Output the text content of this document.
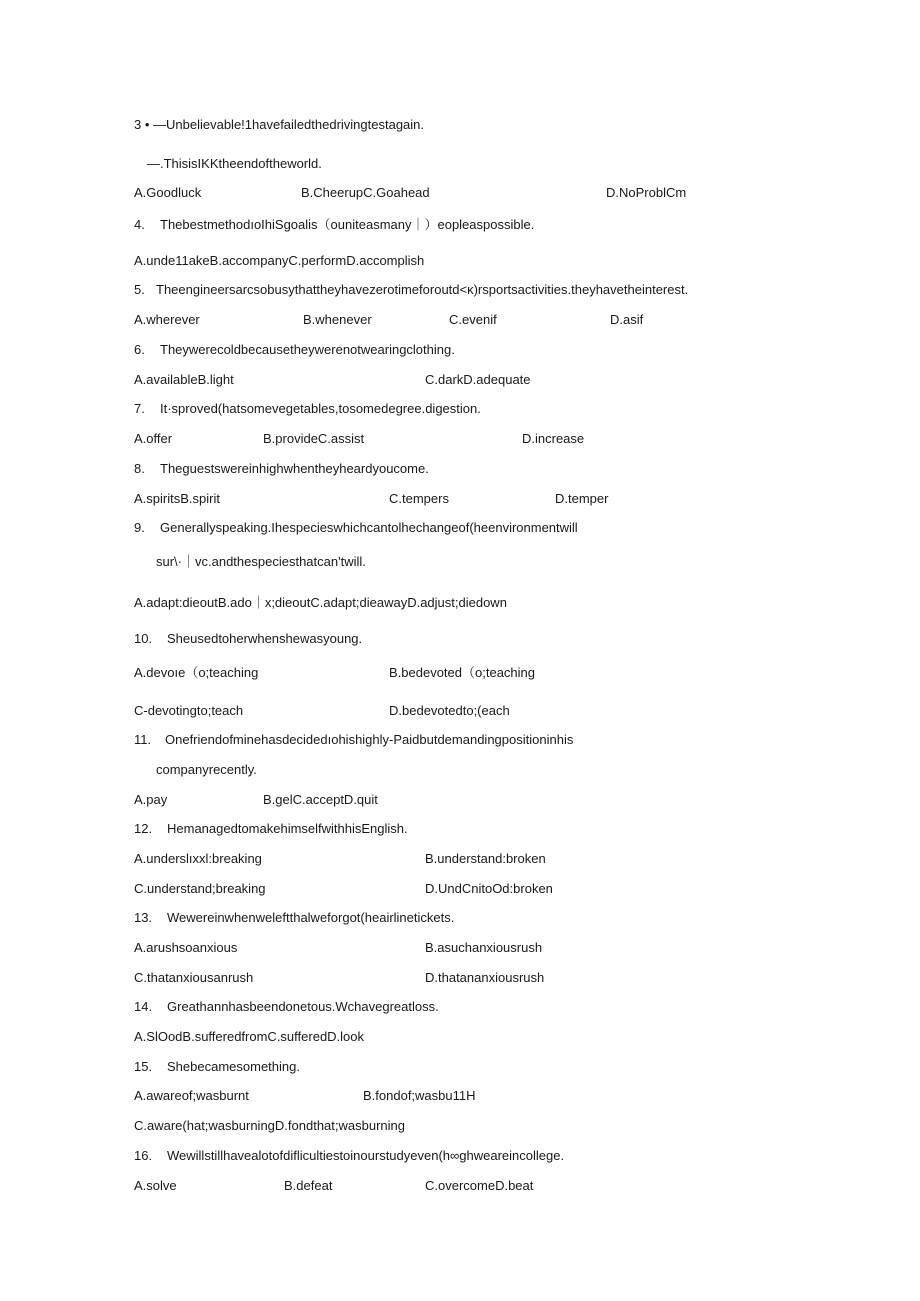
3 • —Unbelievable!1havefailedthedrivingtestagain.
—.ThisisIKKtheendoftheworld.
A.Goodluck	B.CheerupC.Goahead	D.NoProblCm
4. ThebestmethodıoIhiSgoalis（ouniteasmany｜）eopleaspossible.
A.unde11akeB.accompanyC.performD.accomplish
5. Theengineersarcsobusythattheyhavezerotimeforoutd<κ)rsportsactivities.theyhavetheinterest.
A.wherever	B.whenever	C.evenif	D.asif
6. Theywerecoldbecausetheywerenotwearingclothing.
A.availableB.light	C.darkD.adequate
7. It·sproved(hatsomevegetables,tosomedegree.digestion.
A.offer	B.provideC.assist	D.increase
8. Theguestswereinhighwhentheyheardyoucome.
A.spiritsB.spirit	C.tempers	D.temper
9. Generallyspeaking.Ihespecieswhichcantolhechangeof(heenvironmentwill
sur\·｜vc.andthespeciesthatcan'twill.
A.adapt:dieoutB.ado｜x;dieoutC.adapt;dieawayD.adjust;diedown
10. Sheusedtoherwhenshewasyoung.
A.devoıe（o;teaching	B.bedevoted（o;teaching
C-devotingto;teach	D.bedevotedto;(each
11. Onefriendofminehasdecidedıohishighly-Paidbutdemandingpositioninhis
companyrecently.
A.pay	B.gelC.acceptD.quit
12. HemanagedtomakehimselfwithhisEnglish.
A.underslıxxl:breaking	B.understand:broken
C.understand;breaking	D.UndCnitoOd:broken
13. Wewereinwhenweleftthalweforgot(heairlinetickets.
A.arushsoanxious	B.asuchanxiousrush
C.thatanxiousanrush	D.thatananxiousrush
14. Greathannhasbeendonetous.Wchavegreatloss.
A.SlOodB.sufferedfromC.sufferedD.look
15. Shebecamesomething.
A.awareof;wasburnt	B.fondof;wasbu11H
C.aware(hat;wasburningD.fondthat;wasburning
16. Wewillstillhavealotofdiflicultiestoinourstudyeven(h∞ghweareincollege.
A.solve	B.defeat	C.overcomeD.beat
